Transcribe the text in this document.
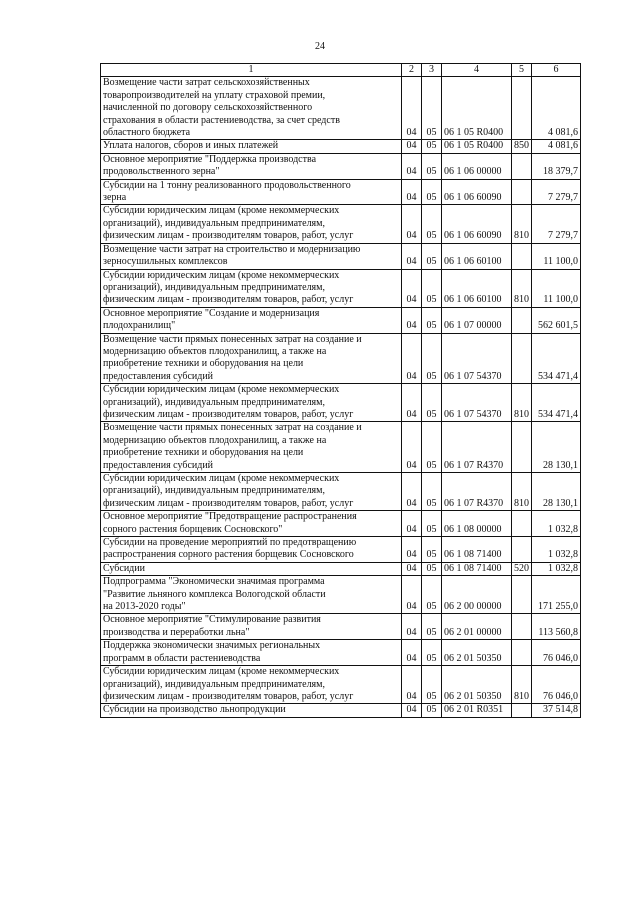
24
1	2	3	4	5	6
Возмещение части затрат сельскохозяйственных
товаропроизводителей на уплату страховой премии,
начисленной по договору сельскохозяйственного
страхования в области растениеводства, за счет средств
областного бюджета	04	05	06 1 05 R0400		4 081,6
Уплата налогов, сборов и иных платежей	04	05	06 1 05 R0400	850	4 081,6
Основное мероприятие "Поддержка производства
продовольственного зерна"	04	05	06 1 06 00000		18 379,7
Субсидии на 1 тонну реализованного продовольственного
зерна	04	05	06 1 06 60090		7 279,7
Субсидии юридическим лицам (кроме некоммерческих
организаций), индивидуальным предпринимателям,
физическим лицам - производителям товаров, работ, услуг	04	05	06 1 06 60090	810	7 279,7
Возмещение части затрат на строительство и модернизацию
зерносушильных комплексов	04	05	06 1 06 60100		11 100,0
Субсидии юридическим лицам (кроме некоммерческих
организаций), индивидуальным предпринимателям,
физическим лицам - производителям товаров, работ, услуг	04	05	06 1 06 60100	810	11 100,0
Основное мероприятие "Создание и модернизация
плодохранилищ"	04	05	06 1 07 00000		562 601,5
Возмещение части прямых понесенных затрат на создание и
модернизацию объектов плодохранилищ, а также на
приобретение техники и оборудования на цели
предоставления субсидий	04	05	06 1 07 54370		534 471,4
Субсидии юридическим лицам (кроме некоммерческих
организаций), индивидуальным предпринимателям,
физическим лицам - производителям товаров, работ, услуг	04	05	06 1 07 54370	810	534 471,4
Возмещение части прямых понесенных затрат на создание и
модернизацию объектов плодохранилищ, а также на
приобретение техники и оборудования на цели
предоставления субсидий	04	05	06 1 07 R4370		28 130,1
Субсидии юридическим лицам (кроме некоммерческих
организаций), индивидуальным предпринимателям,
физическим лицам - производителям товаров, работ, услуг	04	05	06 1 07 R4370	810	28 130,1
Основное мероприятие "Предотвращение распространения
сорного растения борщевик Сосновского"	04	05	06 1 08 00000		1 032,8
Субсидии на проведение мероприятий по предотвращению
распространения сорного растения борщевик Сосновского	04	05	06 1 08 71400		1 032,8
Субсидии	04	05	06 1 08 71400	520	1 032,8
Подпрограмма "Экономически значимая программа
"Развитие льняного комплекса Вологодской области
на 2013-2020 годы"	04	05	06 2 00 00000		171 255,0
Основное мероприятие "Стимулирование развития
производства и переработки льна"	04	05	06 2 01 00000		113 560,8
Поддержка экономически значимых региональных
программ в области растениеводства	04	05	06 2 01 50350		76 046,0
Субсидии юридическим лицам (кроме некоммерческих
организаций), индивидуальным предпринимателям,
физическим лицам - производителям товаров, работ, услуг	04	05	06 2 01 50350	810	76 046,0
Субсидии на производство льнопродукции	04	05	06 2 01 R0351		37 514,8
